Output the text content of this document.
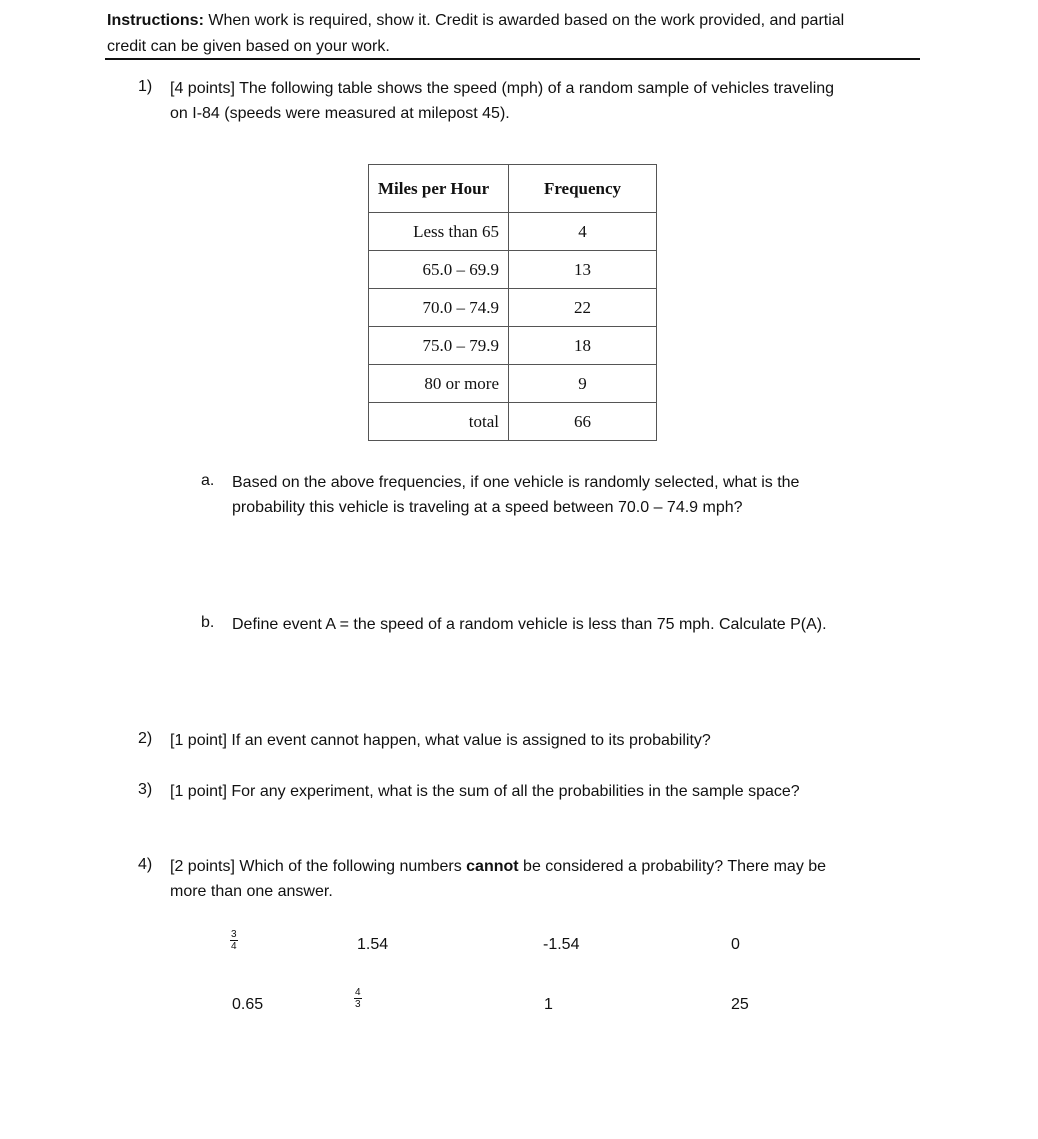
Instructions: When work is required, show it. Credit is awarded based on the work provided, and partial
credit can be given based on your work.
1) [4 points] The following table shows the speed (mph) of a random sample of vehicles traveling
on I-84 (speeds were measured at milepost 45).
Miles per Hour	Frequency
Less than 65	4
65.0 – 69.9	13
70.0 – 74.9	22
75.0 – 79.9	18
80 or more	9
total	66
a. Based on the above frequencies, if one vehicle is randomly selected, what is the
probability this vehicle is traveling at a speed between 70.0 – 74.9 mph?
b. Define event A = the speed of a random vehicle is less than 75 mph. Calculate P(A).
2) [1 point] If an event cannot happen, what value is assigned to its probability?
3) [1 point] For any experiment, what is the sum of all the probabilities in the sample space?
4) [2 points] Which of the following numbers cannot be considered a probability? There may be
more than one answer.
$\frac{3}{4}$	1.54	-1.54	0
0.65	$\frac{4}{3}$	1	25
